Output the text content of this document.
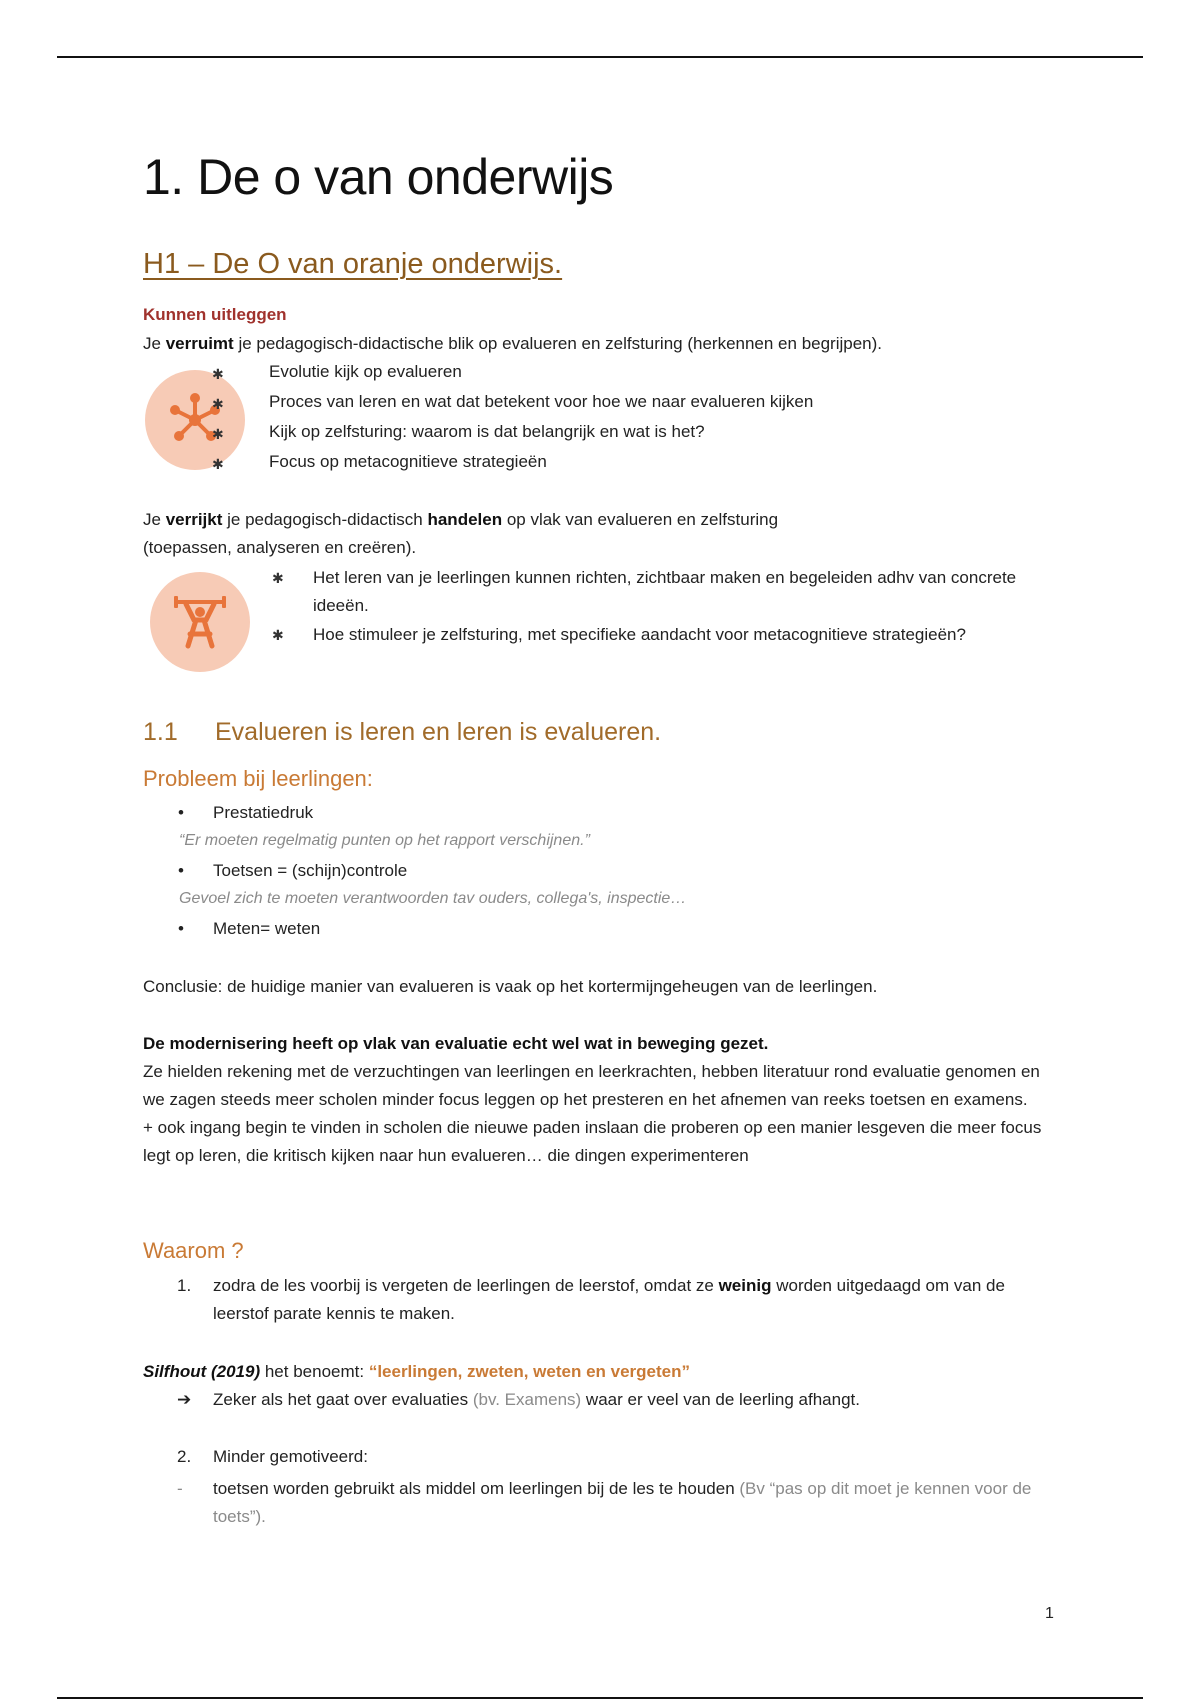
1. De o van onderwijs
H1 – De O van oranje onderwijs.
Kunnen uitleggen
Je verruimt je pedagogisch-didactische blik op evalueren en zelfsturing (herkennen en begrijpen).
✱	Evolutie kijk op evalueren
✱	Proces van leren en wat dat betekent voor hoe we naar evalueren kijken
✱	Kijk op zelfsturing: waarom is dat belangrijk en wat is het?
✱	Focus op metacognitieve strategieën
Je verrijkt je pedagogisch-didactisch handelen op vlak van evalueren en zelfsturing
(toepassen, analyseren en creëren).
✱ Het leren van je leerlingen kunnen richten, zichtbaar maken en begeleiden adhv van concrete ideeën.
✱ Hoe stimuleer je zelfsturing, met specifieke aandacht voor metacognitieve strategieën?
1.1 Evalueren is leren en leren is evalueren.
Probleem bij leerlingen:
• Prestatiedruk
“Er moeten regelmatig punten op het rapport verschijnen.”
• Toetsen = (schijn)controle
Gevoel zich te moeten verantwoorden tav ouders, collega's, inspectie…
• Meten= weten
Conclusie: de huidige manier van evalueren is vaak op het kortermijngeheugen van de leerlingen.
De modernisering heeft op vlak van evaluatie echt wel wat in beweging gezet.
Ze hielden rekening met de verzuchtingen van leerlingen en leerkrachten, hebben literatuur rond evaluatie genomen en we zagen steeds meer scholen minder focus leggen op het presteren en het afnemen van reeks toetsen en examens.
+ ook ingang begin te vinden in scholen die nieuwe paden inslaan die proberen op een manier lesgeven die meer focus legt op leren, die kritisch kijken naar hun evalueren… die dingen experimenteren
Waarom ?
1. zodra de les voorbij is vergeten de leerlingen de leerstof, omdat ze weinig worden uitgedaagd om van de leerstof parate kennis te maken.
Silfhout (2019) het benoemt: “leerlingen, zweten, weten en vergeten”
➔ Zeker als het gaat over evaluaties (bv. Examens) waar er veel van de leerling afhangt.
2. Minder gemotiveerd:
- toetsen worden gebruikt als middel om leerlingen bij de les te houden (Bv “pas op dit moet je kennen voor de toets”).
1
